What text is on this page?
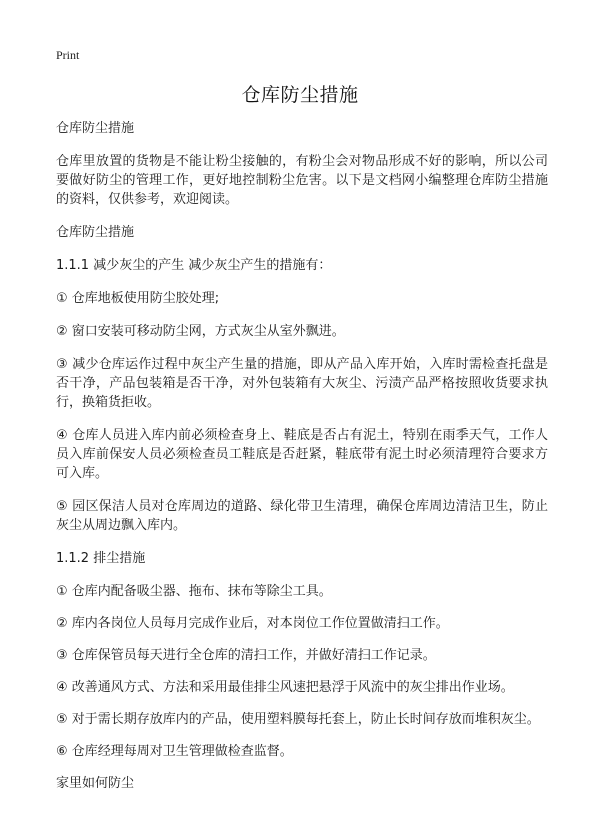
Print
仓库防尘措施

仓库防尘措施

仓库里放置的货物是不能让粉尘接触的，有粉尘会对物品形成不好的影响，所以公司要做好防尘的管理工作，更好地控制粉尘危害。以下是文档网小编整理仓库防尘措施的资料，仅供参考，欢迎阅读。

仓库防尘措施

1.1.1 减少灰尘的产生 减少灰尘产生的措施有：

① 仓库地板使用防尘胶处理;

② 窗口安装可移动防尘网，方式灰尘从室外飘进。

③ 减少仓库运作过程中灰尘产生量的措施，即从产品入库开始，入库时需检查托盘是否干净，产品包装箱是否干净，对外包装箱有大灰尘、污渍产品严格按照收货要求执行，换箱货拒收。

④ 仓库人员进入库内前必须检查身上、鞋底是否占有泥土，特别在雨季天气，工作人员入库前保安人员必须检查员工鞋底是否赶紧，鞋底带有泥土时必须清理符合要求方可入库。

⑤ 园区保洁人员对仓库周边的道路、绿化带卫生清理，确保仓库周边清洁卫生，防止灰尘从周边飘入库内。

1.1.2 排尘措施

① 仓库内配备吸尘器、拖布、抹布等除尘工具。

② 库内各岗位人员每月完成作业后，对本岗位工作位置做清扫工作。

③ 仓库保管员每天进行全仓库的清扫工作，并做好清扫工作记录。

④ 改善通风方式、方法和采用最佳排尘风速把悬浮于风流中的灰尘排出作业场。

⑤ 对于需长期存放库内的产品，使用塑料膜每托套上，防止长时间存放而堆积灰尘。

⑥ 仓库经理每周对卫生管理做检查监督。

家里如何防尘
